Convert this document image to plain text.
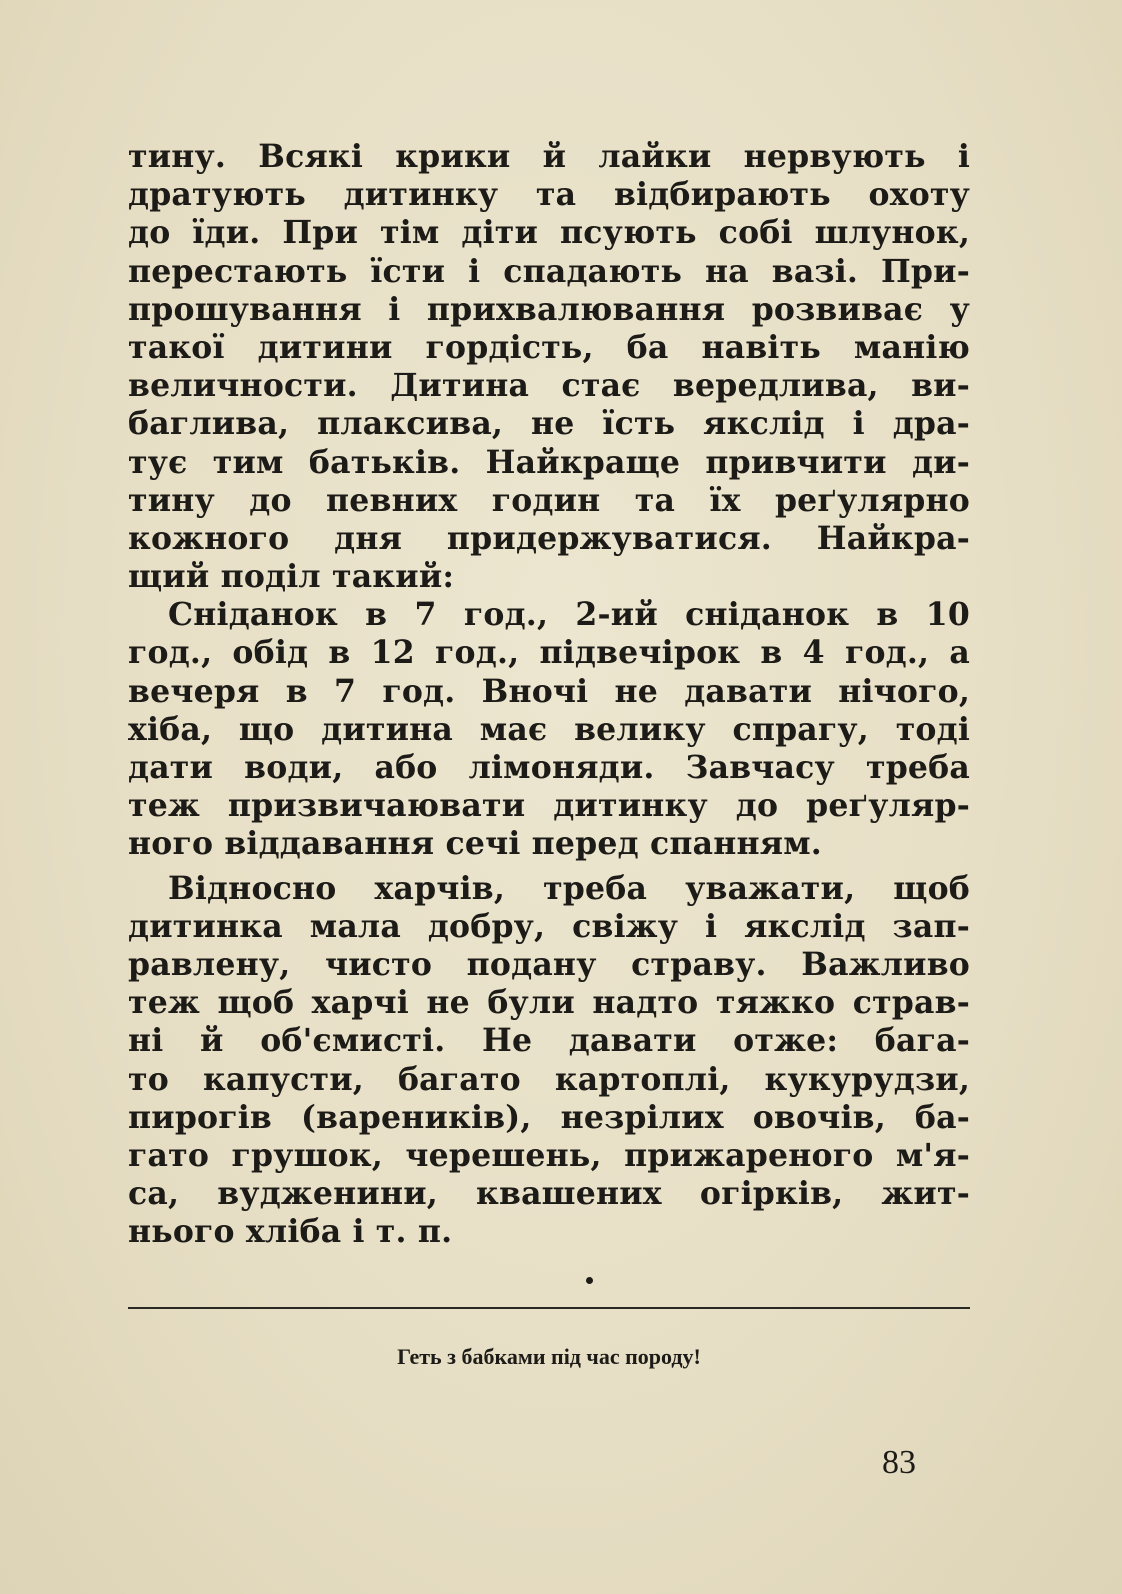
тину. Всякі крики й лайки нервують і
дратують дитинку та відбирають охоту
до їди. При тім діти псують собі шлунок,
перестають їсти і спадають на вазі. При-
прошування і прихвалювання розвиває у
такої дитини гордість, ба навіть манію
величности. Дитина стає вередлива, ви-
баглива, плаксива, не їсть якслід і дра-
тує тим батьків. Найкраще привчити ди-
тину до певних годин та їх реґулярно
кожного дня придержуватися. Найкра-
щий поділ такий:
Сніданок в 7 год., 2-ий сніданок в 10
год., обід в 12 год., підвечірок в 4 год., а
вечеря в 7 год. Вночі не давати нічого,
хіба, що дитина має велику спрагу, тоді
дати води, або лімоняди. Завчасу треба
теж призвичаювати дитинку до реґуляр-
ного віддавання сечі перед спанням.
Відносно харчів, треба уважати, щоб
дитинка мала добру, свіжу і якслід зап-
равлену, чисто подану страву. Важливо
теж щоб харчі не були надто тяжко страв-
ні й об'ємисті. Не давати отже: бага-
то капусти, багато картоплі, кукурудзи,
пирогів (вареників), незрілих овочів, ба-
гато грушок, черешень, прижареного м'я-
са, вудженини, квашених огірків, жит-
нього хліба і т. п.
Геть з бабками під час породу!
83
